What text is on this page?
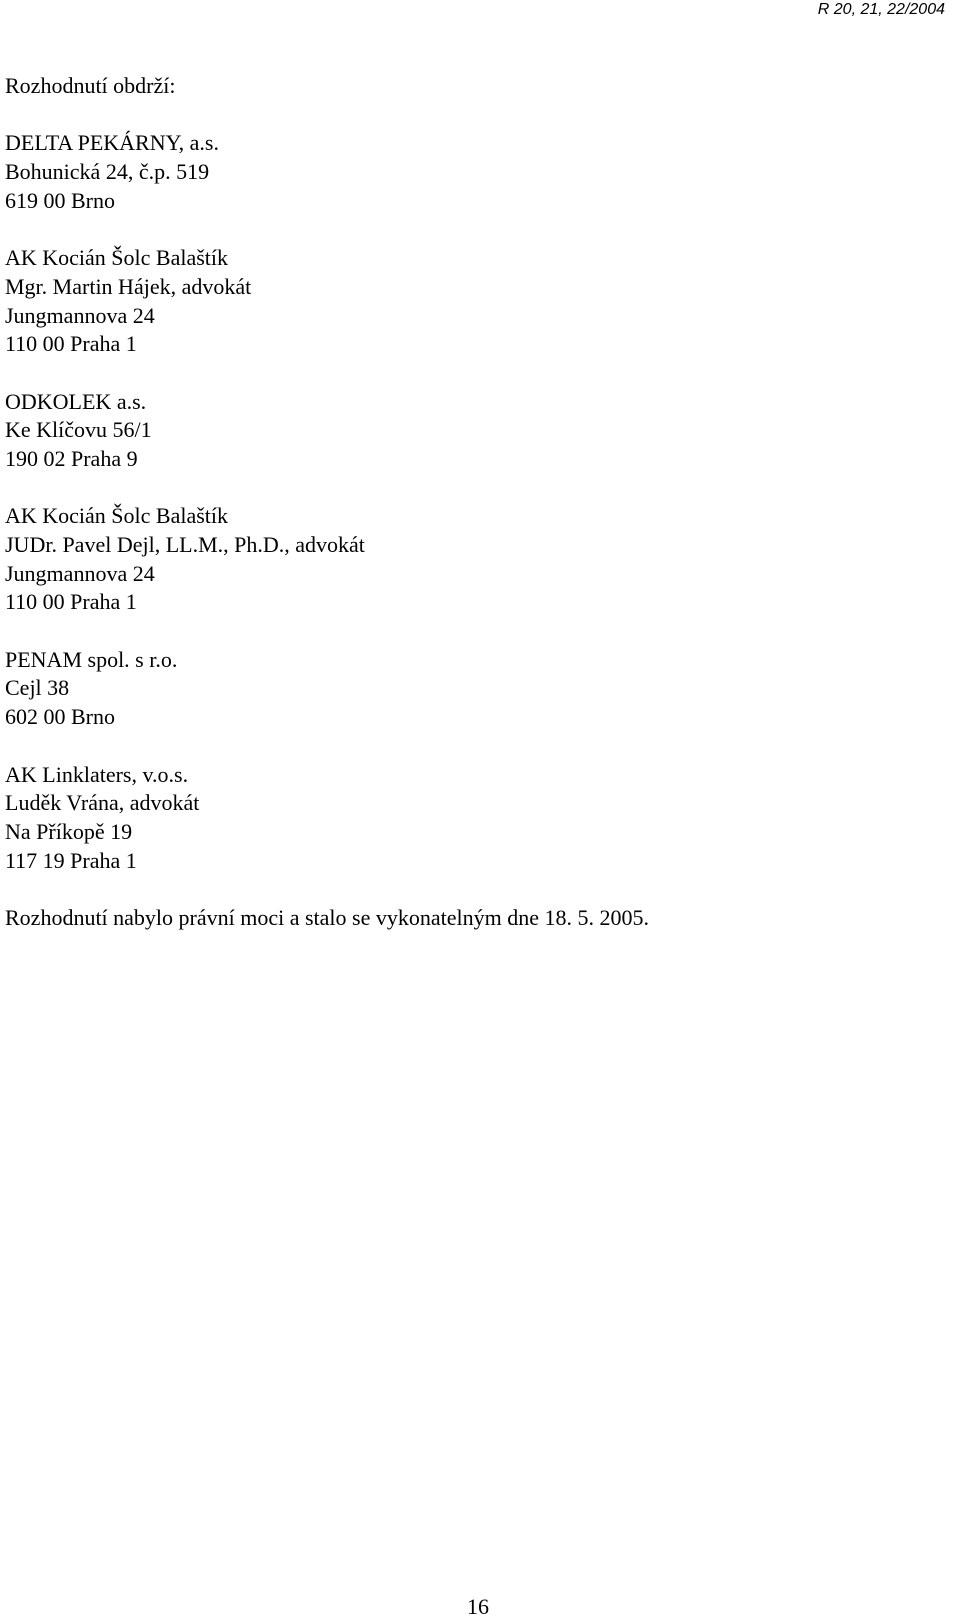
R 20, 21, 22/2004
Rozhodnutí obdrží:
DELTA PEKÁRNY, a.s.
Bohunická 24, č.p. 519
619 00 Brno
AK Kocián Šolc Balaštík
Mgr. Martin Hájek, advokát
Jungmannova 24
110 00 Praha 1
ODKOLEK a.s.
Ke Klíčovu 56/1
190 02 Praha 9
AK Kocián Šolc Balaštík
JUDr. Pavel Dejl, LL.M., Ph.D., advokát
Jungmannova 24
110 00 Praha 1
PENAM spol. s r.o.
Cejl 38
602 00 Brno
AK Linklaters, v.o.s.
Luděk Vrána, advokát
Na Příkopě 19
117 19 Praha 1
Rozhodnutí nabylo právní moci a stalo se vykonatelným dne 18. 5. 2005.
16
